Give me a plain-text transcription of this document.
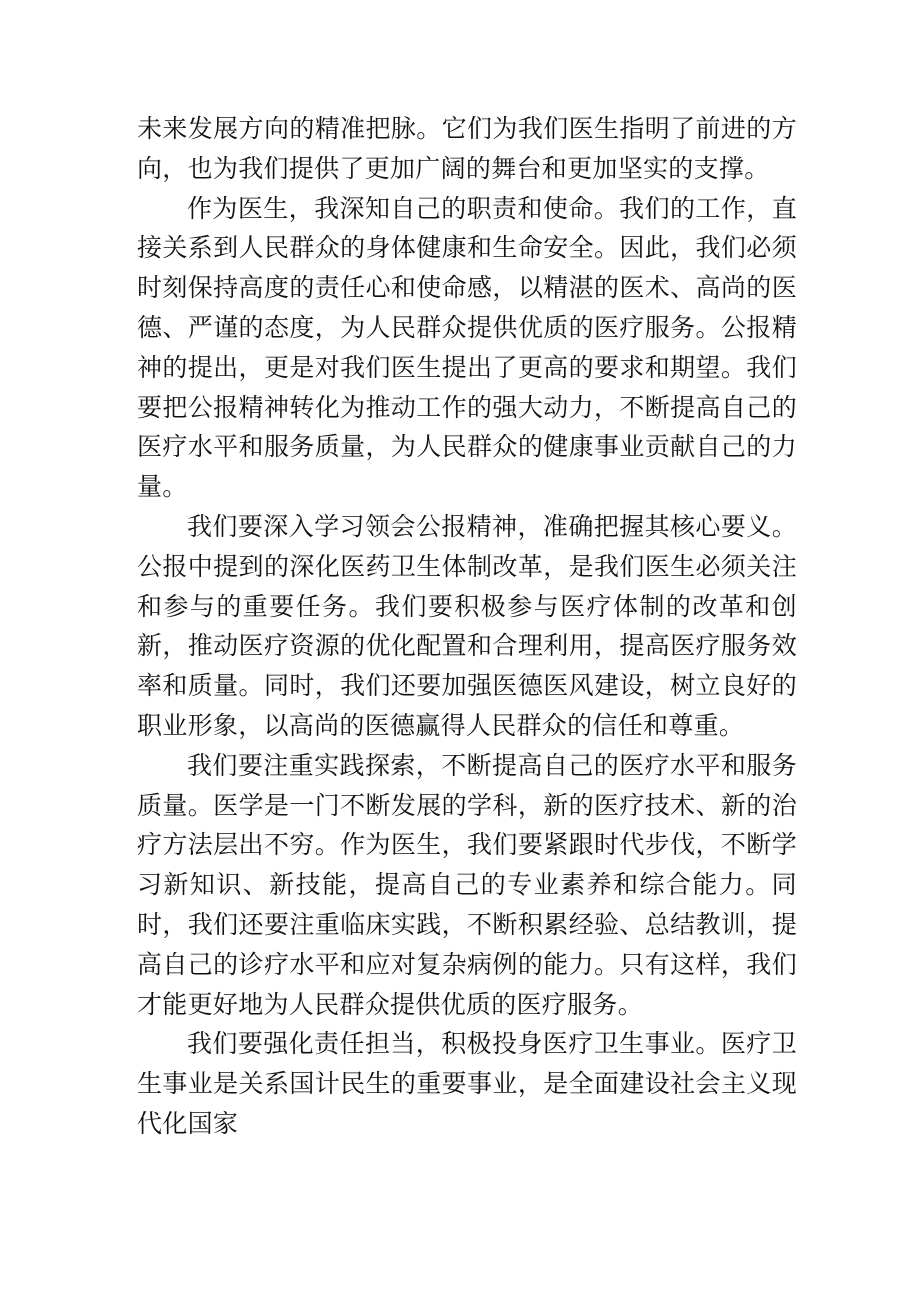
未来发展方向的精准把脉。它们为我们医生指明了前进的方向，也为我们提供了更加广阔的舞台和更加坚实的支撑。

作为医生，我深知自己的职责和使命。我们的工作，直接关系到人民群众的身体健康和生命安全。因此，我们必须时刻保持高度的责任心和使命感，以精湛的医术、高尚的医德、严谨的态度，为人民群众提供优质的医疗服务。公报精神的提出，更是对我们医生提出了更高的要求和期望。我们要把公报精神转化为推动工作的强大动力，不断提高自己的医疗水平和服务质量，为人民群众的健康事业贡献自己的力量。

我们要深入学习领会公报精神，准确把握其核心要义。公报中提到的深化医药卫生体制改革，是我们医生必须关注和参与的重要任务。我们要积极参与医疗体制的改革和创新，推动医疗资源的优化配置和合理利用，提高医疗服务效率和质量。同时，我们还要加强医德医风建设，树立良好的职业形象，以高尚的医德赢得人民群众的信任和尊重。

我们要注重实践探索，不断提高自己的医疗水平和服务质量。医学是一门不断发展的学科，新的医疗技术、新的治疗方法层出不穷。作为医生，我们要紧跟时代步伐，不断学习新知识、新技能，提高自己的专业素养和综合能力。同时，我们还要注重临床实践，不断积累经验、总结教训，提高自己的诊疗水平和应对复杂病例的能力。只有这样，我们才能更好地为人民群众提供优质的医疗服务。

我们要强化责任担当，积极投身医疗卫生事业。医疗卫生事业是关系国计民生的重要事业，是全面建设社会主义现代化国家
